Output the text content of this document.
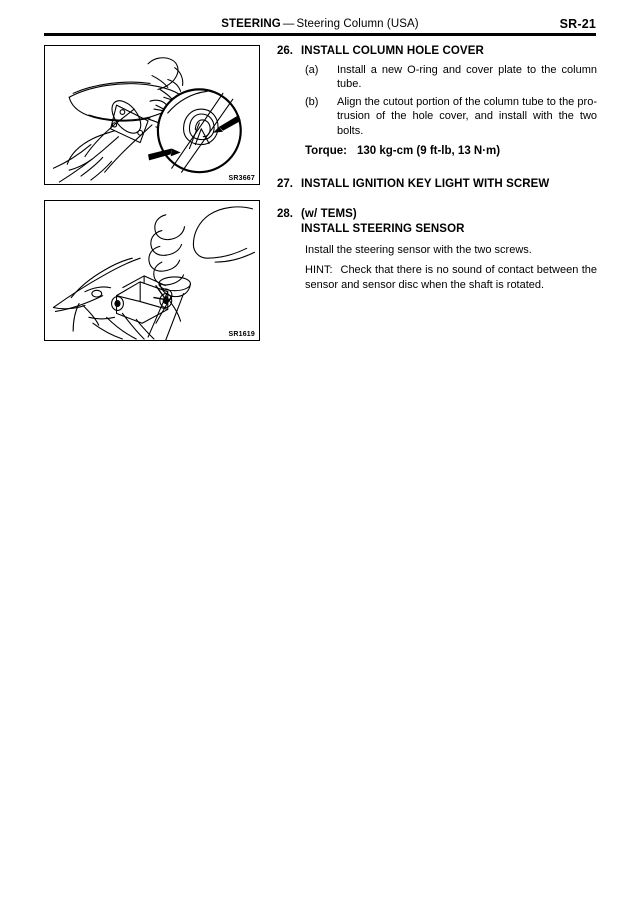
STEERING — Steering Column (USA)	SR-21
SR3667
SR1619
26. INSTALL COLUMN HOLE COVER
(a)	Install a new O-ring and cover plate to the column tube.
(b)	Align the cutout portion of the column tube to the pro-trusion of the hole cover, and install with the two bolts.
Torque: 130 kg-cm (9 ft-lb, 13 N·m)
27. INSTALL IGNITION KEY LIGHT WITH SCREW
28. (w/ TEMS)
INSTALL STEERING SENSOR
Install the steering sensor with the two screws.
HINT: Check that there is no sound of contact between the sensor and sensor disc when the shaft is rotated.
